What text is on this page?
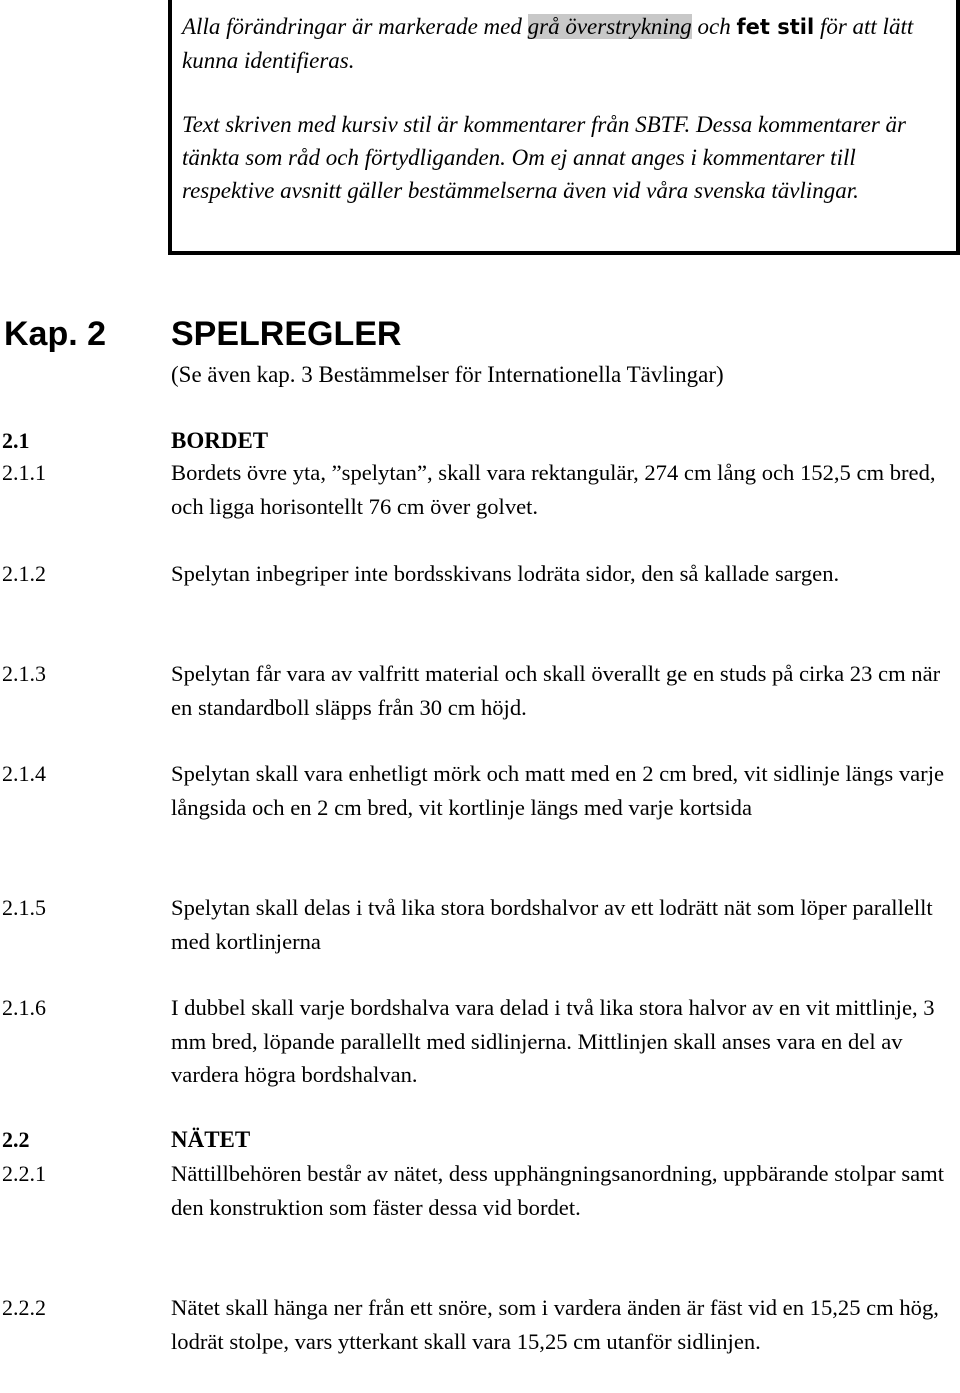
Alla förändringar är markerade med grå överstrykning och fet stil för att lätt kunna identifieras.

Text skriven med kursiv stil är kommentarer från SBTF. Dessa kommentarer är tänkta som råd och förtydliganden. Om ej annat anges i kommentarer till respektive avsnitt gäller bestämmelserna även vid våra svenska tävlingar.

Kap. 2 SPELREGLER
(Se även kap. 3 Bestämmelser för Internationella Tävlingar)
2.1	BORDET
2.1.1	Bordets övre yta, ”spelytan”, skall vara rektangulär, 274 cm lång och 152,5 cm bred, och ligga horisontellt 76 cm över golvet.
2.1.2	Spelytan inbegriper inte bordsskivans lodräta sidor, den så kallade sargen.
2.1.3	Spelytan får vara av valfritt material och skall överallt ge en studs på cirka 23 cm när en standardboll släpps från 30 cm höjd.
2.1.4	Spelytan skall vara enhetligt mörk och matt med en 2 cm bred, vit sidlinje längs varje långsida och en 2 cm bred, vit kortlinje längs med varje kortsida
2.1.5	Spelytan skall delas i två lika stora bordshalvor av ett lodrätt nät som löper parallellt med kortlinjerna
2.1.6	I dubbel skall varje bordshalva vara delad i två lika stora halvor av en vit mittlinje, 3 mm bred, löpande parallellt med sidlinjerna. Mittlinjen skall anses vara en del av vardera högra bordshalvan.
2.2	NÄTET
2.2.1	Nättillbehören består av nätet, dess upphängningsanordning, uppbärande stolpar samt den konstruktion som fäster dessa vid bordet.
2.2.2	Nätet skall hänga ner från ett snöre, som i vardera änden är fäst vid en 15,25 cm hög, lodrät stolpe, vars ytterkant skall vara 15,25 cm utanför sidlinjen.
